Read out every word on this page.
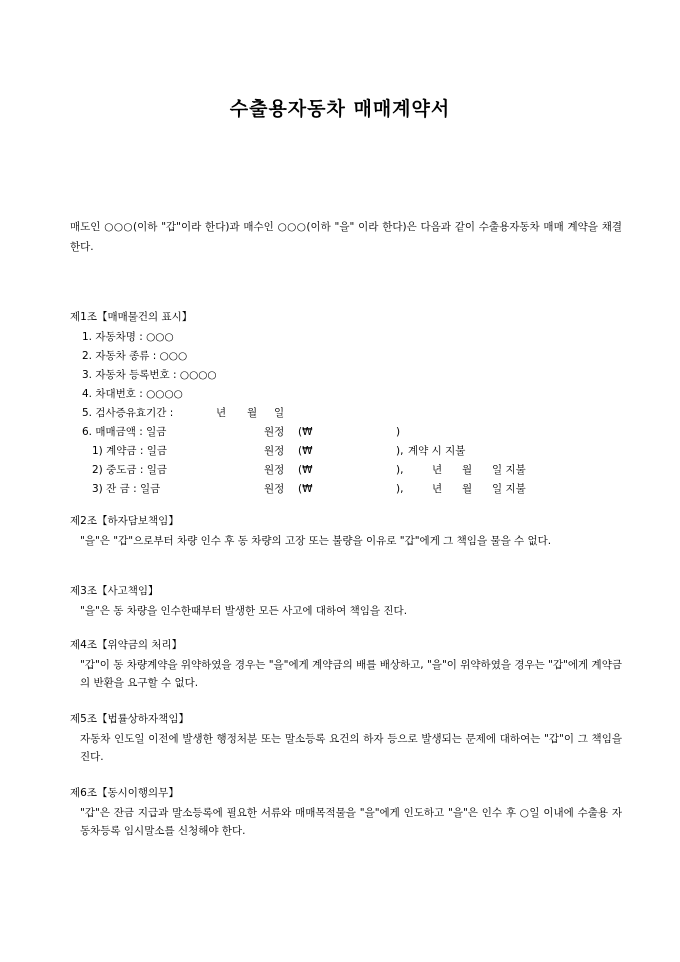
수출용자동차 매매계약서
매도인 ○○○(이하 "갑"이라 한다)과 매수인 ○○○(이하 "을" 이라 한다)은 다음과 같이 수출용자동차 매매 계약을 채결한다.
제1조【매매물건의 표시】
1. 자동차명 : ○○○
2. 자동차 종류 : ○○○
3. 자동차 등록번호 : ○○○○
4. 차대번호 : ○○○○
5. 검사증유효기간 :	년 월 일
6. 매매금액 : 일금	원정 (₩	)
1) 계약금 : 일금	원정 (₩	), 계약 시 지불
2) 중도금 : 일금	원정 (₩	),	년 월 일 지불
3) 잔 금 : 일금	원정 (₩	),	년 월 일 지불
제2조【하자담보책임】
"을"은 "갑"으로부터 차량 인수 후 동 차량의 고장 또는 불량을 이유로 "갑"에게 그 책임을 물을 수 없다.
제3조【사고책임】
"을"은 동 차량을 인수한때부터 발생한 모든 사고에 대하여 책임을 진다.
제4조【위약금의 처리】
"갑"이 동 차량계약을 위약하였을 경우는 "을"에게 계약금의 배를 배상하고, "을"이 위약하였을 경우는 "갑"에게 계약금의 반환을 요구할 수 없다.
제5조【법률상하자책임】
자동차 인도일 이전에 발생한 행정처분 또는 말소등록 요건의 하자 등으로 발생되는 문제에 대하여는 "갑"이 그 책임을 진다.
제6조【동시이행의무】
"갑"은 잔금 지급과 말소등록에 필요한 서류와 매매목적물을 "을"에게 인도하고 "을"은 인수 후 ○일 이내에 수출용 자동차등록 임시말소를 신청해야 한다.
